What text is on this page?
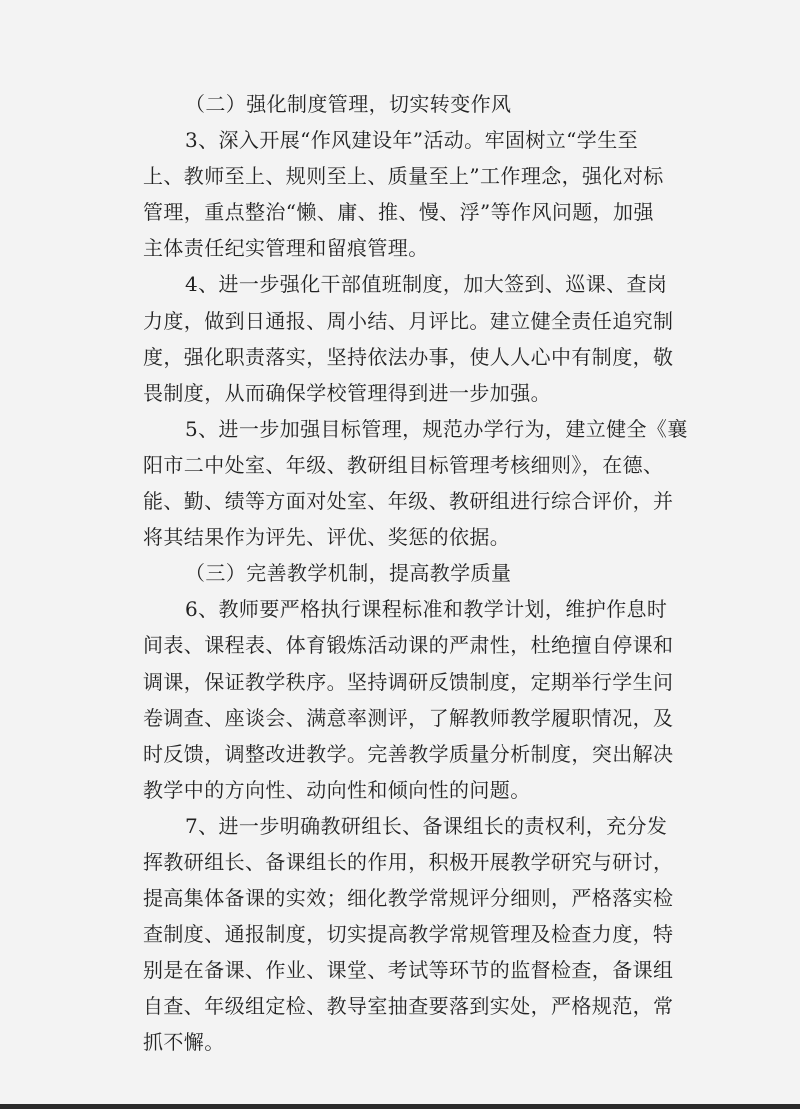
（二）强化制度管理，切实转变作风
3、深入开展“作风建设年”活动。牢固树立“学生至
上、教师至上、规则至上、质量至上”工作理念，强化对标
管理，重点整治“懒、庸、推、慢、浮”等作风问题，加强
主体责任纪实管理和留痕管理。
4、进一步强化干部值班制度，加大签到、巡课、查岗
力度，做到日通报、周小结、月评比。建立健全责任追究制
度，强化职责落实，坚持依法办事，使人人心中有制度，敬
畏制度，从而确保学校管理得到进一步加强。
5、进一步加强目标管理，规范办学行为，建立健全《襄
阳市二中处室、年级、教研组目标管理考核细则》，在德、
能、勤、绩等方面对处室、年级、教研组进行综合评价，并
将其结果作为评先、评优、奖惩的依据。
（三）完善教学机制，提高教学质量
6、教师要严格执行课程标准和教学计划，维护作息时
间表、课程表、体育锻炼活动课的严肃性，杜绝擅自停课和
调课，保证教学秩序。坚持调研反馈制度，定期举行学生问
卷调查、座谈会、满意率测评，了解教师教学履职情况，及
时反馈，调整改进教学。完善教学质量分析制度，突出解决
教学中的方向性、动向性和倾向性的问题。
7、进一步明确教研组长、备课组长的责权利，充分发
挥教研组长、备课组长的作用，积极开展教学研究与研讨，
提高集体备课的实效；细化教学常规评分细则，严格落实检
查制度、通报制度，切实提高教学常规管理及检查力度，特
别是在备课、作业、课堂、考试等环节的监督检查，备课组
自查、年级组定检、教导室抽查要落到实处，严格规范，常
抓不懈。
